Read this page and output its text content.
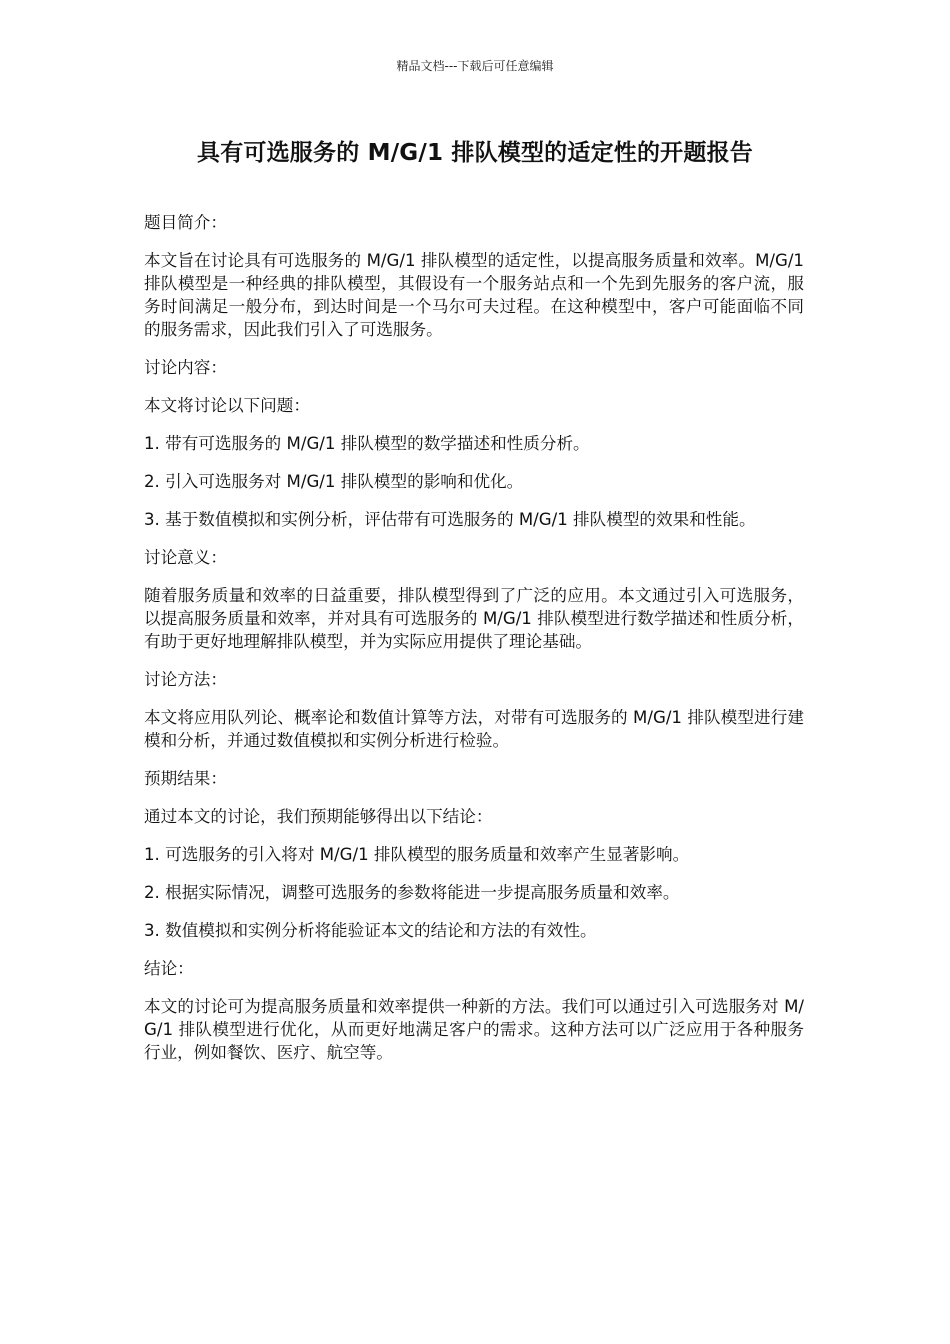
精品文档---下载后可任意编辑
具有可选服务的 M/G/1 排队模型的适定性的开题报告

题目简介：

本文旨在讨论具有可选服务的 M/G/1 排队模型的适定性，以提高服务质量和效率。M/G/1 排队模型是一种经典的排队模型，其假设有一个服务站点和一个先到先服务的客户流，服务时间满足一般分布，到达时间是一个马尔可夫过程。在这种模型中，客户可能面临不同的服务需求，因此我们引入了可选服务。

讨论内容：

本文将讨论以下问题：

1. 带有可选服务的 M/G/1 排队模型的数学描述和性质分析。

2. 引入可选服务对 M/G/1 排队模型的影响和优化。

3. 基于数值模拟和实例分析，评估带有可选服务的 M/G/1 排队模型的效果和性能。

讨论意义：

随着服务质量和效率的日益重要，排队模型得到了广泛的应用。本文通过引入可选服务，以提高服务质量和效率，并对具有可选服务的 M/G/1 排队模型进行数学描述和性质分析，有助于更好地理解排队模型，并为实际应用提供了理论基础。

讨论方法：

本文将应用队列论、概率论和数值计算等方法，对带有可选服务的 M/G/1 排队模型进行建模和分析，并通过数值模拟和实例分析进行检验。

预期结果：

通过本文的讨论，我们预期能够得出以下结论：

1. 可选服务的引入将对 M/G/1 排队模型的服务质量和效率产生显著影响。

2. 根据实际情况，调整可选服务的参数将能进一步提高服务质量和效率。

3. 数值模拟和实例分析将能验证本文的结论和方法的有效性。

结论：

本文的讨论可为提高服务质量和效率提供一种新的方法。我们可以通过引入可选服务对 M/G/1 排队模型进行优化，从而更好地满足客户的需求。这种方法可以广泛应用于各种服务行业，例如餐饮、医疗、航空等。
